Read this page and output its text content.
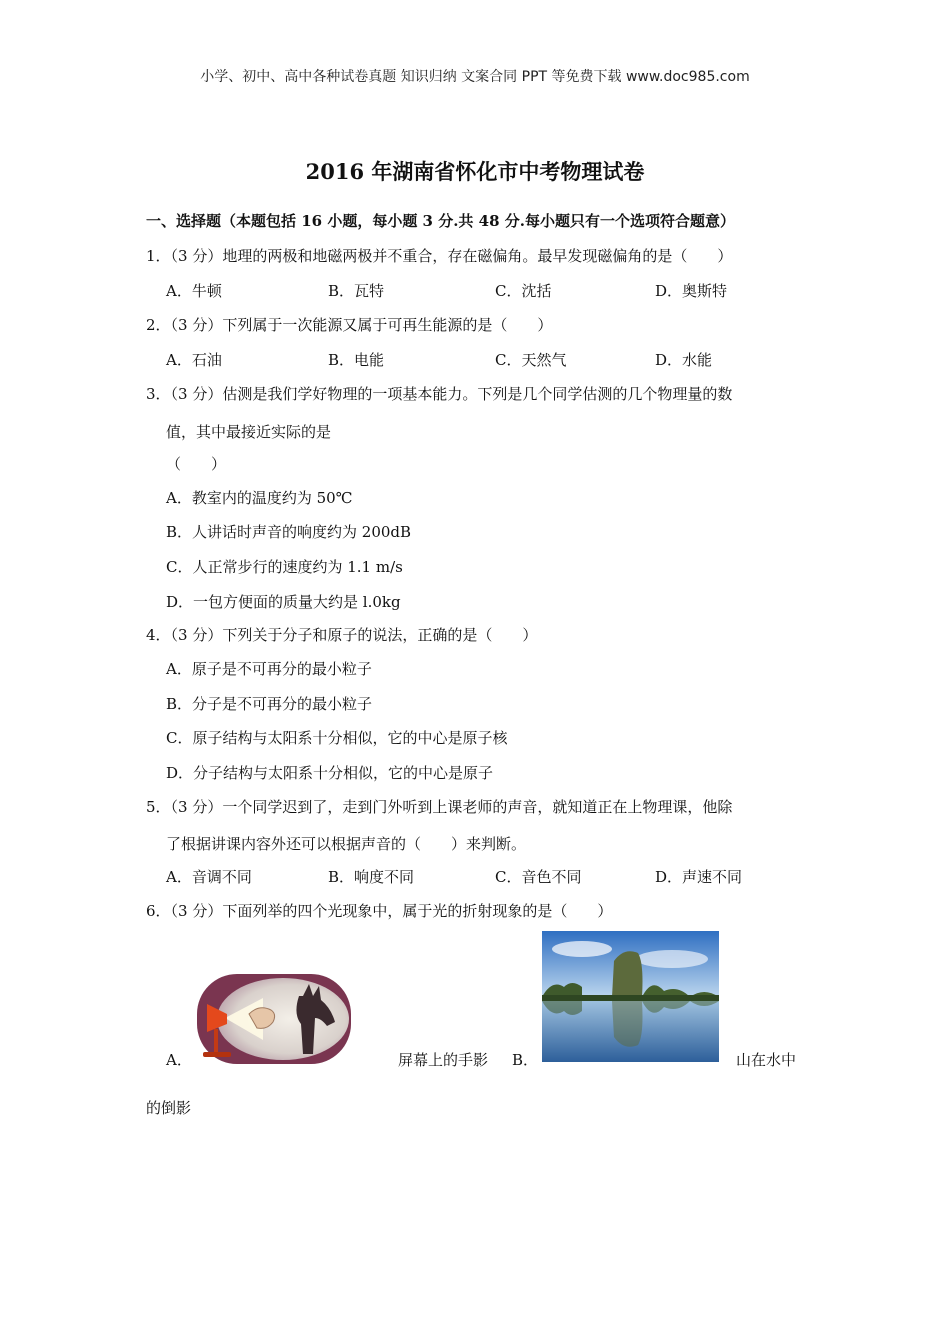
小学、初中、高中各种试卷真题 知识归纳 文案合同 PPT 等免费下载 www.doc985.com
2016 年湖南省怀化市中考物理试卷
一、选择题（本题包括 16 小题，每小题 3 分.共 48 分.每小题只有一个选项符合题意）
1．（3 分）地理的两极和地磁两极并不重合，存在磁偏角。最早发现磁偏角的是（　　）
A．牛顿	B．瓦特	C．沈括	D．奥斯特
2．（3 分）下列属于一次能源又属于可再生能源的是（　　）
A．石油	B．电能	C．天然气	D．水能
3．（3 分）估测是我们学好物理的一项基本能力。下列是几个同学估测的几个物理量的数
值，其中最接近实际的是
（　　）
A．教室内的温度约为 50℃
B．人讲话时声音的响度约为 200dB
C．人正常步行的速度约为 1.1 m/s
D．一包方便面的质量大约是 l.0kg
4．（3 分）下列关于分子和原子的说法，正确的是（　　）
A．原子是不可再分的最小粒子
B．分子是不可再分的最小粒子
C．原子结构与太阳系十分相似，它的中心是原子核
D．分子结构与太阳系十分相似，它的中心是原子
5．（3 分）一个同学迟到了，走到门外听到上课老师的声音，就知道正在上物理课，他除
了根据讲课内容外还可以根据声音的（　　）来判断。
A．音调不同	B．响度不同	C．音色不同	D．声速不同
6．（3 分）下面列举的四个光现象中，属于光的折射现象的是（　　）
A．	屏幕上的手影 B．	山在水中
的倒影
